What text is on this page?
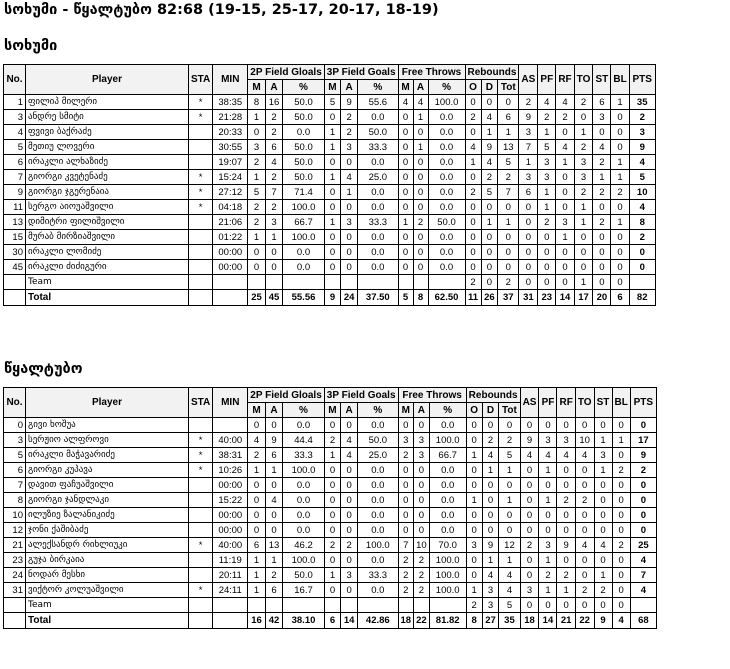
სოხუმი - წყალტუბო 82:68 (19-15, 25-17, 20-17, 18-19)
სოხუმი
No.	Player	STA	MIN	2P Field Gloals			3P Field Goals			Free Throws			Rebounds			AS	PF	RF	TO	ST	BL	PTS
				M	A	%	M	A	%	M	A	%	O	D	Tot							
1	ფილიპ მილერი	*	38:35	8	16	50.0	5	9	55.6	4	4	100.0	0	0	0	2	4	4	2	6	1	35
3	ანდრე სმიტი	*	21:28	1	2	50.0	0	2	0.0	0	1	0.0	2	4	6	9	2	2	0	3	0	2
4	ფვივი ბაქრაძე		20:33	0	2	0.0	1	2	50.0	0	0	0.0	0	1	1	3	1	0	1	0	0	3
5	მეთიუ ლოვერი		30:55	3	6	50.0	1	3	33.3	0	1	0.0	4	9	13	7	5	4	2	4	0	9
6	ირაკლი ალხაზიძე		19:07	2	4	50.0	0	0	0.0	0	0	0.0	1	4	5	1	3	1	3	2	1	4
7	გიორგი კვეტენაძე	*	15:24	1	2	50.0	1	4	25.0	0	0	0.0	0	2	2	3	3	0	3	1	1	5
9	გიორგი ჯგერენაია	*	27:12	5	7	71.4	0	1	0.0	0	0	0.0	2	5	7	6	1	0	2	2	2	10
11	სერგო აიოუაშვილი	*	04:18	2	2	100.0	0	0	0.0	0	0	0.0	0	0	0	0	1	0	1	0	0	4
13	დიმიტრი ფილიშვილი		21:06	2	3	66.7	1	3	33.3	1	2	50.0	0	1	1	0	2	3	1	2	1	8
15	მურაბ მირზიაშვილი		01:22	1	1	100.0	0	0	0.0	0	0	0.0	0	0	0	0	0	1	0	0	0	2
30	ირაკლი ლომიძე		00:00	0	0	0.0	0	0	0.0	0	0	0.0	0	0	0	0	0	0	0	0	0	0
45	ირაკლი ძიძიგური		00:00	0	0	0.0	0	0	0.0	0	0	0.0	0	0	0	0	0	0	0	0	0	0
	Team												2	0	2	0	0	0	1	0	0	
	Total			25	45	55.56	9	24	37.50	5	8	62.50	11	26	37	31	23	14	17	20	6	82
წყალტუბო
No.	Player	STA	MIN	2P Field Gloals			3P Field Goals			Free Throws			Rebounds			AS	PF	RF	TO	ST	BL	PTS
				M	A	%	M	A	%	M	A	%	O	D	Tot							
0	გივი ხოშუა			0	0	0.0	0	0	0.0	0	0	0.0	0	0	0	0	0	0	0	0	0	0
3	სერჟიო ალფროვი	*	40:00	4	9	44.4	2	4	50.0	3	3	100.0	0	2	2	9	3	3	10	1	1	17
5	ირაკლი მაჭავარიძე	*	38:31	2	6	33.3	1	4	25.0	2	3	66.7	1	4	5	4	4	4	4	3	0	9
6	გიორგი კუპავა	*	10:26	1	1	100.0	0	0	0.0	0	0	0.0	0	1	1	0	1	0	0	1	2	2
7	დავით ფაჩუაშვილი		00:00	0	0	0.0	0	0	0.0	0	0	0.0	0	0	0	0	0	0	0	0	0	0
8	გიორგი ჯანდლაკი		15:22	0	4	0.0	0	0	0.0	0	0	0.0	1	0	1	0	1	2	2	0	0	0
10	ილუზიე ზალანიკიძე		00:00	0	0	0.0	0	0	0.0	0	0	0.0	0	0	0	0	0	0	0	0	0	0
12	ჯონი ქაშიბაძე		00:00	0	0	0.0	0	0	0.0	0	0	0.0	0	0	0	0	0	0	0	0	0	0
21	ალექსანდრ რიხლიუკი	*	40:00	6	13	46.2	2	2	100.0	7	10	70.0	3	9	12	2	3	9	4	4	2	25
23	გუჯა ბირკაია		11:19	1	1	100.0	0	0	0.0	2	2	100.0	0	1	1	0	1	0	0	0	0	4
24	ნოდარ მესხი		20:11	1	2	50.0	1	3	33.3	2	2	100.0	0	4	4	0	2	2	0	1	0	7
31	ვიქტორ კოლუაშვილი	*	24:11	1	6	16.7	0	0	0.0	2	2	100.0	1	3	4	3	1	1	2	2	0	4
	Team												2	3	5	0	0	0	0	0	0	
	Total			16	42	38.10	6	14	42.86	18	22	81.82	8	27	35	18	14	21	22	9	4	68
